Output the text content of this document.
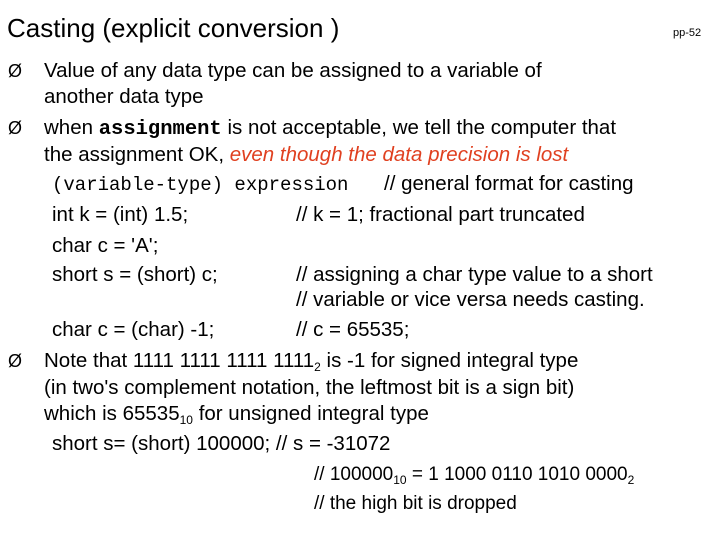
Casting (explicit conversion )	pp-52
Ø Value of any data type can be assigned to a variable of
another data type
Ø when assignment is not acceptable, we tell the computer that
the assignment OK, even though the data precision is lost
(variable-type) expression // general format for casting
int k = (int) 1.5;	// k = 1; fractional part truncated
char c = 'A';
short s = (short) c;	// assigning a char type value to a short
// variable or vice versa needs casting.
char c = (char) -1;	// c = 65535;
Ø Note that 1111 1111 1111 $1111_2$ is -1 for signed integral type
(in two's complement notation, the leftmost bit is a sign bit)
which is $65535_{10}$ for unsigned integral type
short s= (short) 100000; // s = -31072
// $100000_{10} = 1$ 1000 0110 1010 $0000_2$
// the high bit is dropped
